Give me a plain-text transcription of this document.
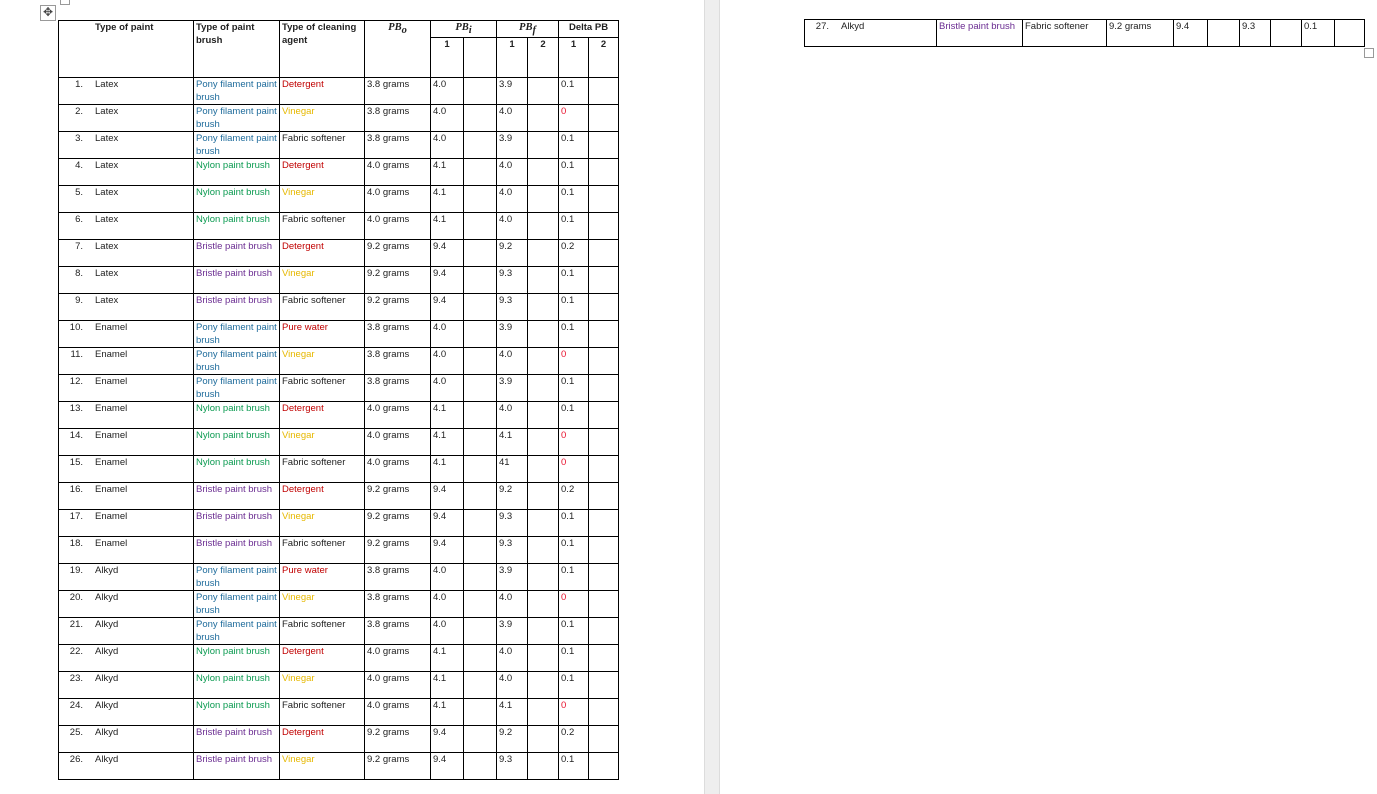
✥
Type of paint	Type of paint brush	Type of cleaning agent	$PB_o$	$PB_i$		$PB_f$		Delta PB	
				1		1	2	1	2
1. Latex	Pony filament paint brush	Detergent	3.8 grams	4.0		3.9		0.1	
2. Latex	Pony filament paint brush	Vinegar	3.8 grams	4.0		4.0		0	
3. Latex	Pony filament paint brush	Fabric softener	3.8 grams	4.0		3.9		0.1	
4. Latex	Nylon paint brush	Detergent	4.0 grams	4.1		4.0		0.1	
5. Latex	Nylon paint brush	Vinegar	4.0 grams	4.1		4.0		0.1	
6. Latex	Nylon paint brush	Fabric softener	4.0 grams	4.1		4.0		0.1	
7. Latex	Bristle paint brush	Detergent	9.2 grams	9.4		9.2		0.2	
8. Latex	Bristle paint brush	Vinegar	9.2 grams	9.4		9.3		0.1	
9. Latex	Bristle paint brush	Fabric softener	9.2 grams	9.4		9.3		0.1	
10. Enamel	Pony filament paint brush	Pure water	3.8 grams	4.0		3.9		0.1	
11. Enamel	Pony filament paint brush	Vinegar	3.8 grams	4.0		4.0		0	
12. Enamel	Pony filament paint brush	Fabric softener	3.8 grams	4.0		3.9		0.1	
13. Enamel	Nylon paint brush	Detergent	4.0 grams	4.1		4.0		0.1	
14. Enamel	Nylon paint brush	Vinegar	4.0 grams	4.1		4.1		0	
15. Enamel	Nylon paint brush	Fabric softener	4.0 grams	4.1		41		0	
16. Enamel	Bristle paint brush	Detergent	9.2 grams	9.4		9.2		0.2	
17. Enamel	Bristle paint brush	Vinegar	9.2 grams	9.4		9.3		0.1	
18. Enamel	Bristle paint brush	Fabric softener	9.2 grams	9.4		9.3		0.1	
19. Alkyd	Pony filament paint brush	Pure water	3.8 grams	4.0		3.9		0.1	
20. Alkyd	Pony filament paint brush	Vinegar	3.8 grams	4.0		4.0		0	
21. Alkyd	Pony filament paint brush	Fabric softener	3.8 grams	4.0		3.9		0.1	
22. Alkyd	Nylon paint brush	Detergent	4.0 grams	4.1		4.0		0.1	
23. Alkyd	Nylon paint brush	Vinegar	4.0 grams	4.1		4.0		0.1	
24. Alkyd	Nylon paint brush	Fabric softener	4.0 grams	4.1		4.1		0	
25. Alkyd	Bristle paint brush	Detergent	9.2 grams	9.4		9.2		0.2	
26. Alkyd	Bristle paint brush	Vinegar	9.2 grams	9.4		9.3		0.1	
27. Alkyd	Bristle paint brush	Fabric softener	9.2 grams	9.4		9.3		0.1	
